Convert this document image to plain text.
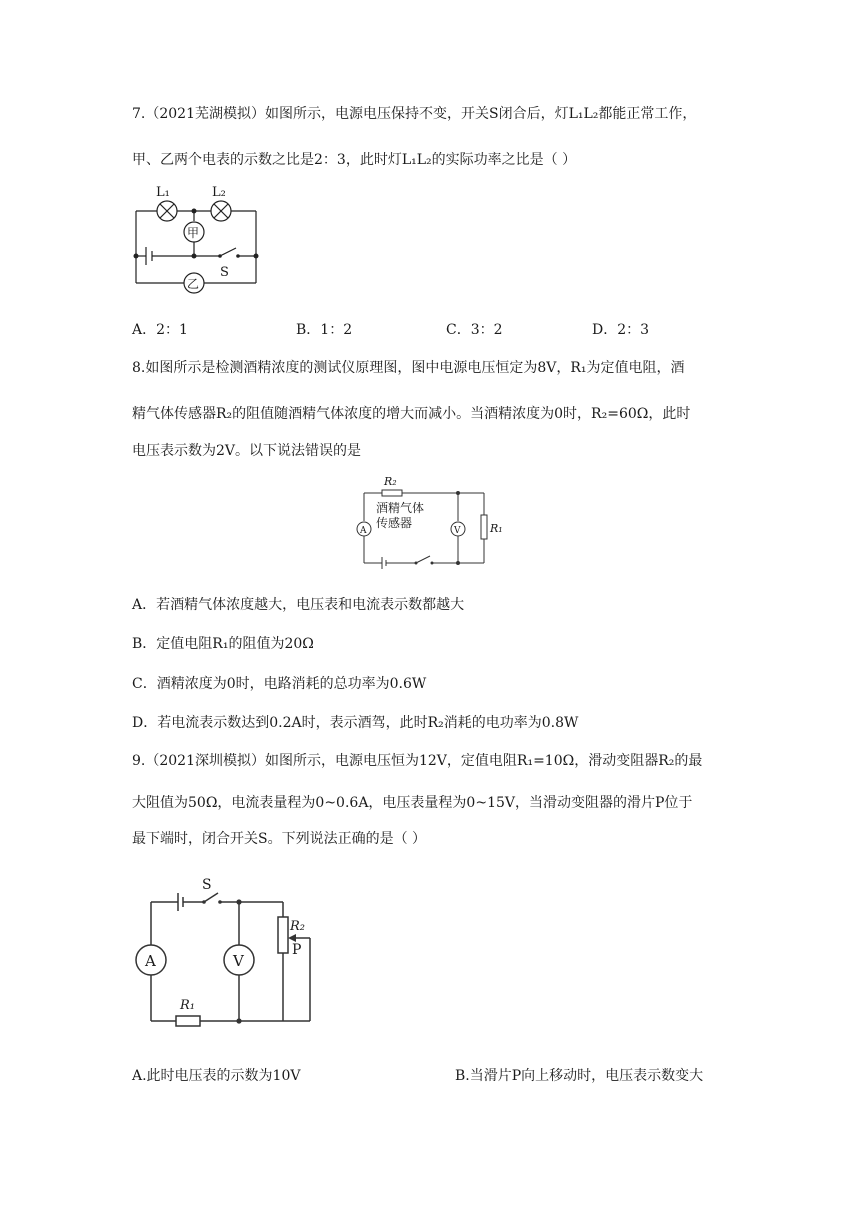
7.（2021芜湖模拟）如图所示，电源电压保持不变，开关S闭合后，灯L₁L₂都能正常工作，
甲、乙两个电表的示数之比是2：3，此时灯L₁L₂的实际功率之比是（ ）
L₁	L₂
甲
乙
S
A．2：1	B．1：2	C．3：2	D．2：3
8.如图所示是检测酒精浓度的测试仪原理图，图中电源电压恒定为8V，R₁为定值电阻，酒
精气体传感器R₂的阻值随酒精气体浓度的增大而减小。当酒精浓度为0时，R₂=60Ω，此时
电压表示数为2V。以下说法错误的是
R₂
酒精气体
传感器
A	V	R₁
A．若酒精气体浓度越大，电压表和电流表示数都越大
B．定值电阻R₁的阻值为20Ω
C．酒精浓度为0时，电路消耗的总功率为0.6W
D．若电流表示数达到0.2A时，表示酒驾，此时R₂消耗的电功率为0.8W
9.（2021深圳模拟）如图所示，电源电压恒为12V，定值电阻R₁=10Ω，滑动变阻器R₂的最
大阻值为50Ω，电流表量程为0~0.6A，电压表量程为0~15V，当滑动变阻器的滑片P位于
最下端时，闭合开关S。下列说法正确的是（ ）
S
A	V
R₂
P
R₁
A.此时电压表的示数为10V	B.当滑片P向上移动时，电压表示数变大
